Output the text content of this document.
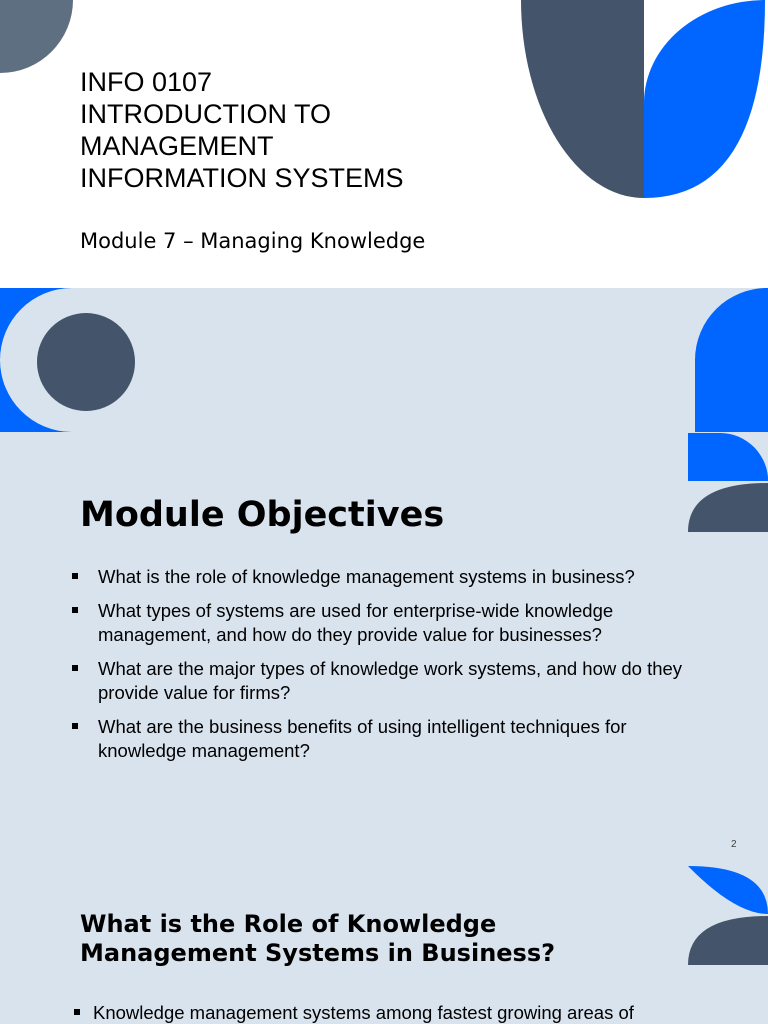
INFO 0107
INTRODUCTION TO
MANAGEMENT
INFORMATION SYSTEMS
Module 7 – Managing Knowledge
Module Objectives
What is the role of knowledge management systems in business?
What types of systems are used for enterprise-wide knowledge management, and how do they provide value for businesses?
What are the major types of knowledge work systems, and how do they provide value for firms?
What are the business benefits of using intelligent techniques for knowledge management?
2
What is the Role of Knowledge
Management Systems in Business?
Knowledge management systems among fastest growing areas of
